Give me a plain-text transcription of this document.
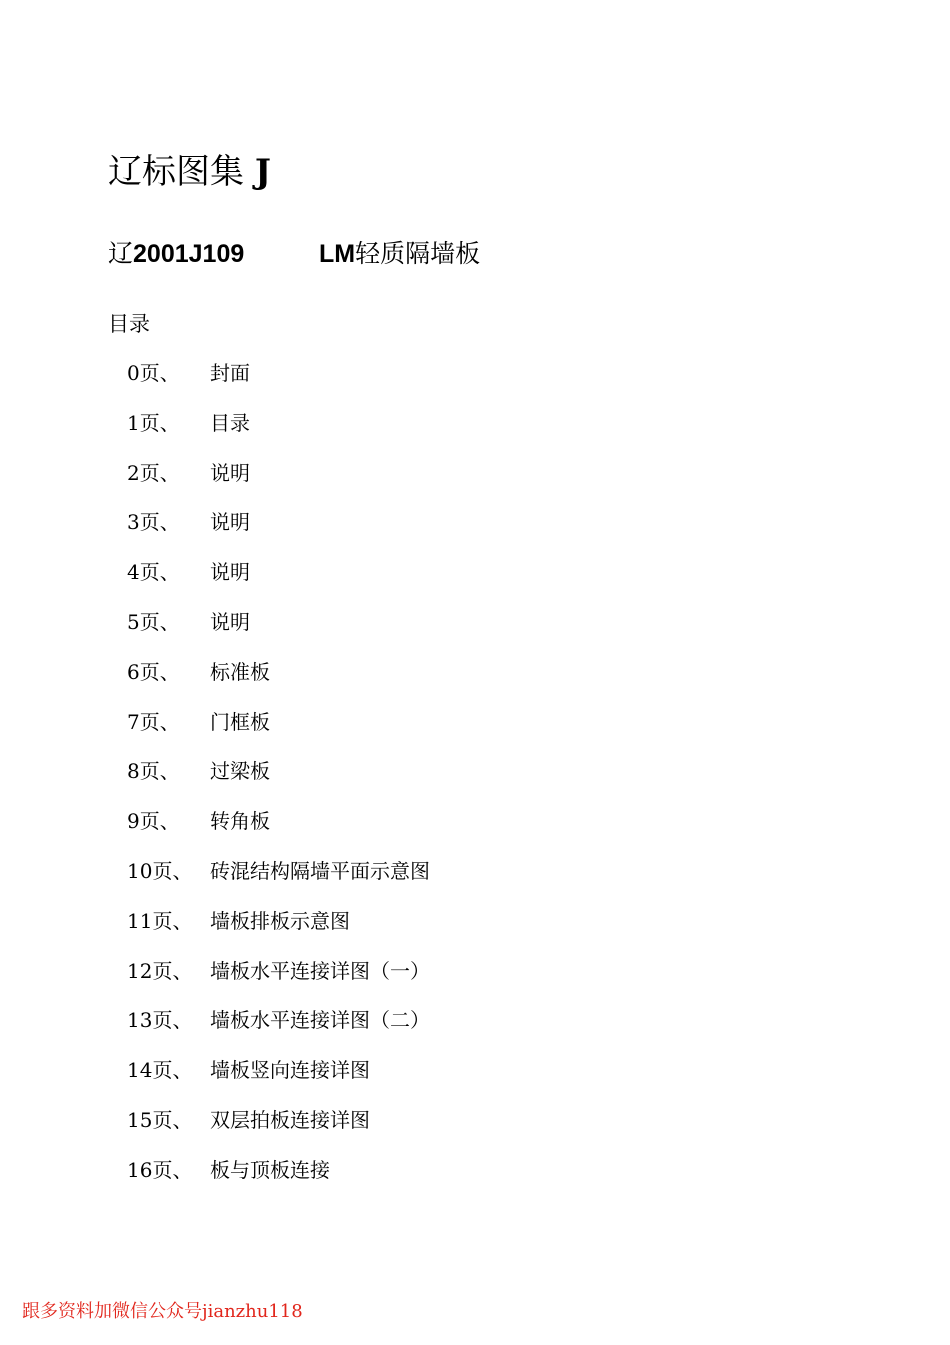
辽标图集 J
辽2001J109	LM轻质隔墙板
目录
0页、 封面
1页、 目录
2页、 说明
3页、 说明
4页、 说明
5页、 说明
6页、 标准板
7页、 门框板
8页、 过梁板
9页、 转角板
10页、 砖混结构隔墙平面示意图
11页、 墙板排板示意图
12页、 墙板水平连接详图（一）
13页、 墙板水平连接详图（二）
14页、 墙板竖向连接详图
15页、 双层拍板连接详图
16页、 板与顶板连接
跟多资料加微信公众号jianzhu118
